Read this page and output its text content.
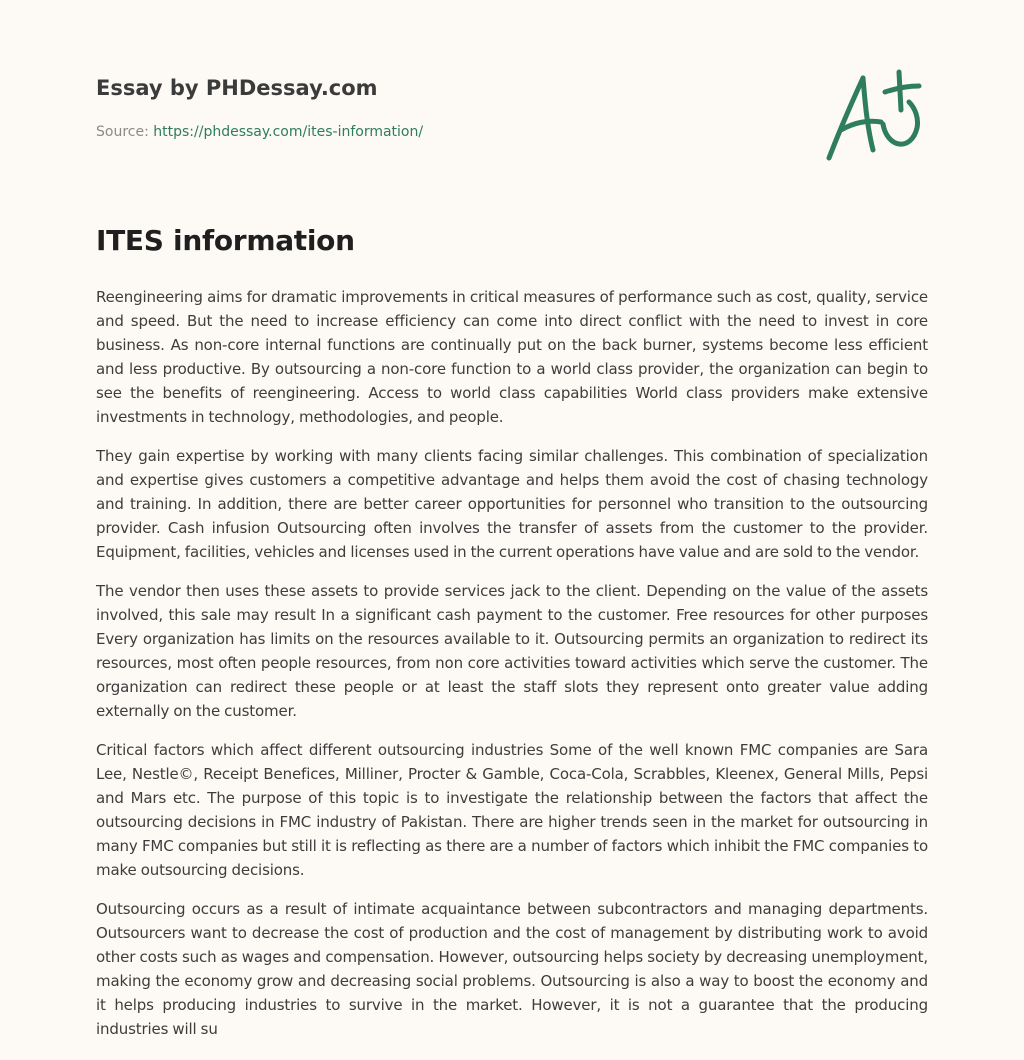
Essay by PHDessay.com
Source: https://phdessay.com/ites-information/
ITES information

Reengineering aims for dramatic improvements in critical measures of performance such as cost, quality, service and speed. But the need to increase efficiency can come into direct conflict with the need to invest in core business. As non-core internal functions are continually put on the back burner, systems become less efficient and less productive. By outsourcing a non-core function to a world class provider, the organization can begin to see the benefits of reengineering. Access to world class capabilities World class providers make extensive investments in technology, methodologies, and people.

They gain expertise by working with many clients facing similar challenges. This combination of specialization and expertise gives customers a competitive advantage and helps them avoid the cost of chasing technology and training. In addition, there are better career opportunities for personnel who transition to the outsourcing provider. Cash infusion Outsourcing often involves the transfer of assets from the customer to the provider. Equipment, facilities, vehicles and licenses used in the current operations have value and are sold to the vendor.

The vendor then uses these assets to provide services jack to the client. Depending on the value of the assets involved, this sale may result In a significant cash payment to the customer. Free resources for other purposes Every organization has limits on the resources available to it. Outsourcing permits an organization to redirect its resources, most often people resources, from non core activities toward activities which serve the customer. The organization can redirect these people or at least the staff slots they represent onto greater value adding externally on the customer.

Critical factors which affect different outsourcing industries Some of the well known FMC companies are Sara Lee, Nestle©, Receipt Benefices, Milliner, Procter & Gamble, Coca-Cola, Scrabbles, Kleenex, General Mills, Pepsi and Mars etc. The purpose of this topic is to investigate the relationship between the factors that affect the outsourcing decisions in FMC industry of Pakistan. There are higher trends seen in the market for outsourcing in many FMC companies but still it is reflecting as there are a number of factors which inhibit the FMC companies to make outsourcing decisions.

Outsourcing occurs as a result of intimate acquaintance between subcontractors and managing departments. Outsourcers want to decrease the cost of production and the cost of management by distributing work to avoid other costs such as wages and compensation. However, outsourcing helps society by decreasing unemployment, making the economy grow and decreasing social problems. Outsourcing is also a way to boost the economy and it helps producing industries to survive in the market. However, it is not a guarantee that the producing industries will su
